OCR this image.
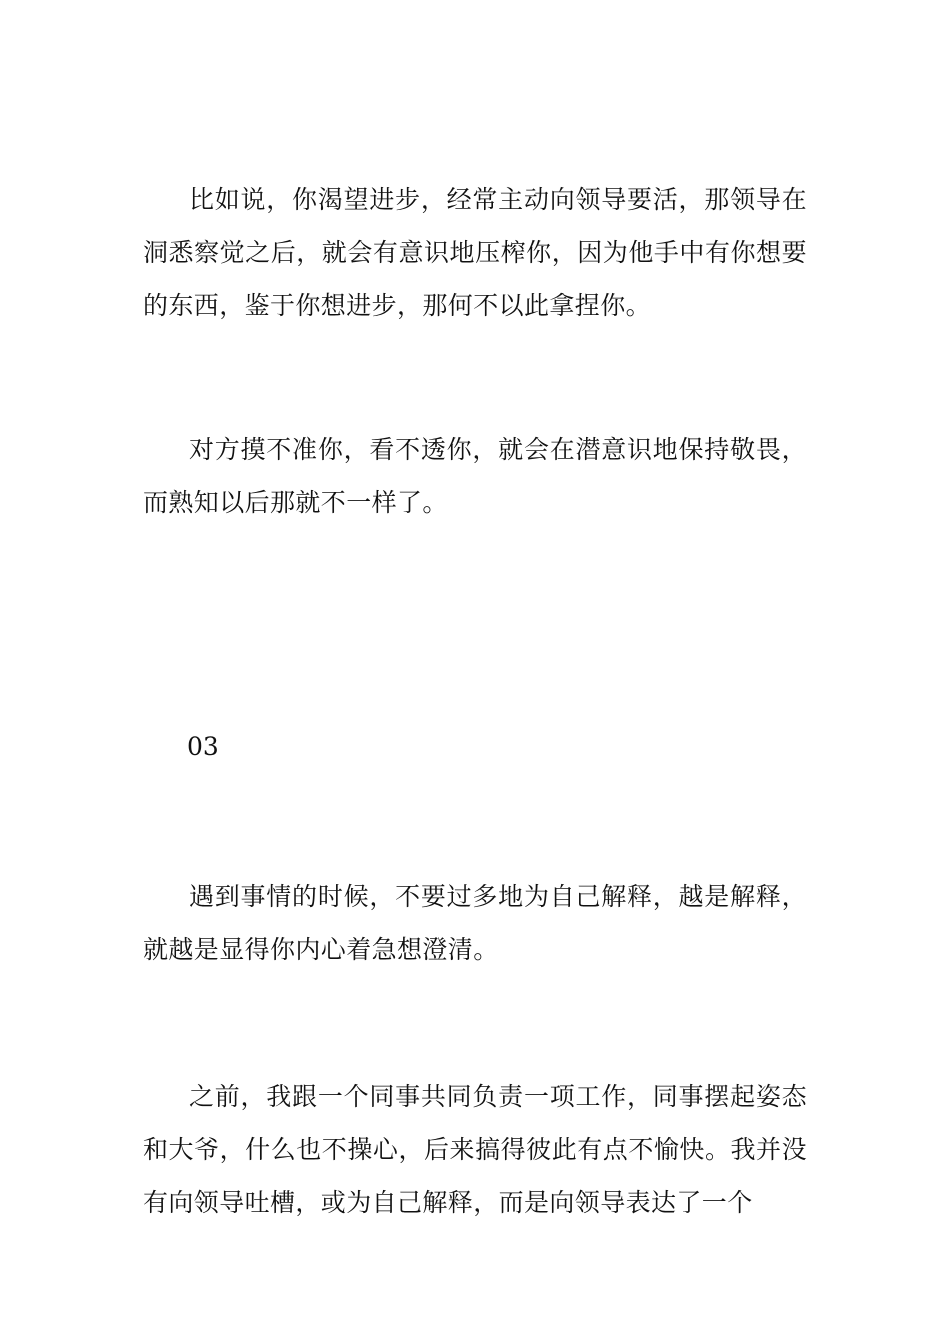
比如说，你渴望进步，经常主动向领导要活，那领导在洞悉察觉之后，就会有意识地压榨你，因为他手中有你想要的东西，鉴于你想进步，那何不以此拿捏你。

对方摸不准你，看不透你，就会在潜意识地保持敬畏，而熟知以后那就不一样了。

03

遇到事情的时候，不要过多地为自己解释，越是解释，就越是显得你内心着急想澄清。

之前，我跟一个同事共同负责一项工作，同事摆起姿态和大爷，什么也不操心，后来搞得彼此有点不愉快。我并没有向领导吐槽，或为自己解释，而是向领导表达了一个
